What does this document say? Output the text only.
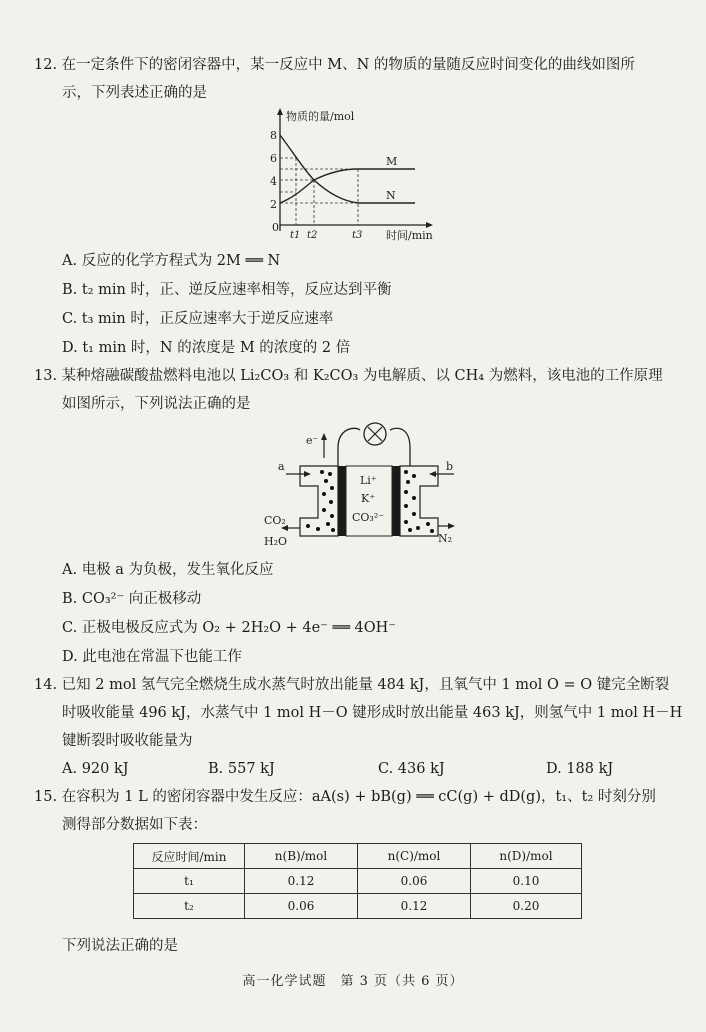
12. 在一定条件下的密闭容器中，某一反应中 M、N 的物质的量随反应时间变化的曲线如图所
示，下列表述正确的是
物质的量/mol
时间/min
8
6
4
2
0
M
N
t1 t2	t3
A. 反应的化学方程式为 2M ══ N
B. t₂ min 时，正、逆反应速率相等，反应达到平衡
C. t₃ min 时，正反应速率大于逆反应速率
D. t₁ min 时，N 的浓度是 M 的浓度的 2 倍
13. 某种熔融碳酸盐燃料电池以 Li₂CO₃ 和 K₂CO₃ 为电解质、以 CH₄ 为燃料，该电池的工作原理
如图所示，下列说法正确的是
e⁻
Li⁺
K⁺
CO₃²⁻
a	b
CO₂
H₂O	N₂
A. 电极 a 为负极，发生氧化反应
B. CO₃²⁻ 向正极移动
C. 正极电极反应式为 O₂ + 2H₂O + 4e⁻ ══ 4OH⁻
D. 此电池在常温下也能工作
14. 已知 2 mol 氢气完全燃烧生成水蒸气时放出能量 484 kJ，且氧气中 1 mol O = O 键完全断裂
时吸收能量 496 kJ，水蒸气中 1 mol H－O 键形成时放出能量 463 kJ，则氢气中 1 mol H－H
键断裂时吸收能量为
A. 920 kJ	B. 557 kJ	C. 436 kJ	D. 188 kJ
15. 在容积为 1 L 的密闭容器中发生反应：aA(s) + bB(g) ══ cC(g) + dD(g)，t₁、t₂ 时刻分别
测得部分数据如下表：
反应时间/min	n(B)/mol	n(C)/mol	n(D)/mol
t₁	0.12	0.06	0.10
t₂	0.06	0.12	0.20
下列说法正确的是
高一化学试题　第 3 页（共 6 页）
